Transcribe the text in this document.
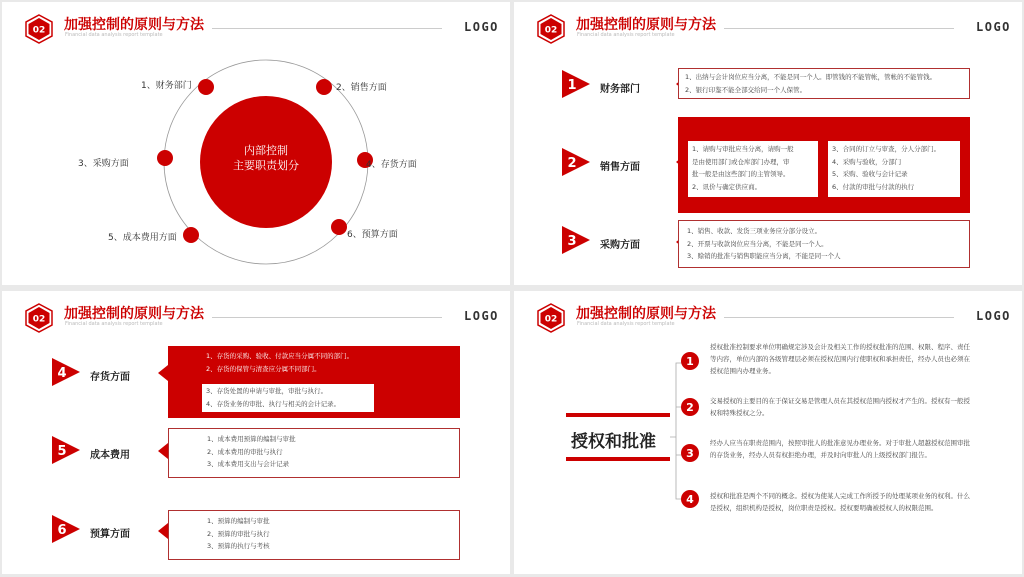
02 加强控制的原则与方法
Financial data analysis report template
LOGO
内部控制
主要职责划分
1、财务部门	2、销售方面
3、采购方面	4、存货方面
5、成本费用方面	6、预算方面
02 加强控制的原则与方法
Financial data analysis report template
LOGO
1
2
3
财务部门
销售方面
采购方面
1、出纳与会计岗位应当分离，不能是同一个人。即管钱的不能管帐，管帐的不能管钱。
2、银行印鉴不能全部交给同一个人保管。
1、请购与审批应当分离，请购一般
是由使用部门或仓库部门办理，审
批一般是由这些部门的主管领导。
2、讯价与确定供应商。
3、合同的订立与审查，分人分部门。
4、采购与验收，分部门
5、采购、验收与会计记录
6、付款的审批与付款的执行
1、销售、收款、发货三项业务应分部分设立。
2、开票与收款岗位应当分离，不能是同一个人。
3、赊销的批准与销售职能应当分离，不能是同一个人
02 加强控制的原则与方法
Financial data analysis report template
LOGO
4
5
6
存货方面
成本费用
预算方面
1、存货的采购、验收、付款应当分属不同的部门。
2、存货的保管与清查应分属不同部门。
3、存货处置的申请与审批，审批与执行。
4、存货业务的审批、执行与相关的会计记录。
1、成本费用预算的编制与审批
2、成本费用的审批与执行
3、成本费用支出与会计记录
1、预算的编制与审批
2、预算的审批与执行
3、预算的执行与考核
02 加强控制的原则与方法
Financial data analysis report template
LOGO
授权和批准
1
2
3
4

授权批准控制要求单位明确规定涉及会计及相关工作的授权批准的范围、权限、程序、责任等内容，单位内部的各级管理层必须在授权范围内行使职权和承担责任，经办人员也必须在授权范围内办理业务。

交易授权的主要目的在于保证交易是管理人员在其授权范围内授权才产生的。授权有一般授权和特殊授权之分。

经办人应当在职责范围内，按照审批人的批准意见办理业务。对于审批人超越授权范围审批的存货业务，经办人员有权拒绝办理，并及时向审批人的上级授权部门报告。

授权和批准是两个不同的概念。授权为使某人完成工作所授予的处理某项业务的权利。什么是授权，组织机构是授权，岗位职责是授权。授权要明确被授权人的权限范围。
